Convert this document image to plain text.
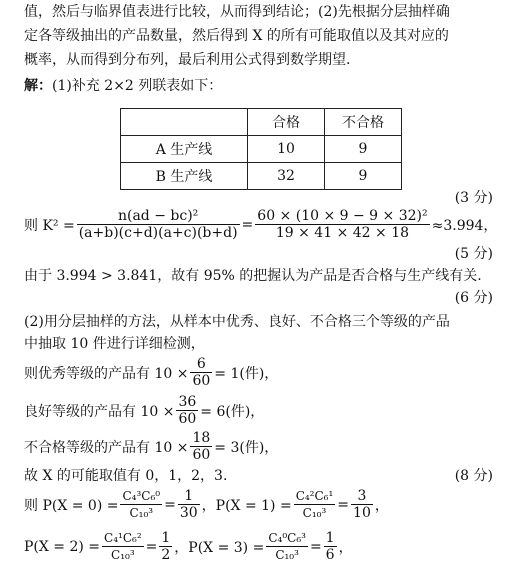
值，然后与临界值表进行比较，从而得到结论；(2)先根据分层抽样确
定各等级抽出的产品数量，然后得到 X 的所有可能取值以及其对应的
概率，从而得到分布列，最后利用公式得到数学期望.
解：(1)补充 2×2 列联表如下：
	合格	不合格
A 生产线	10	9
B 生产线	32	9
(3 分)
则 $K^2 = \frac{\text{n(ad − bc)²}}{(a+b)(c+d)(a+c)(b+d)} = \frac{\text{60 × (10 × 9 − 9 × 32)²}}{19 \times 41 \times 42 \times 18} \approx 3.994$，
(5 分)
由于 3.994 > 3.841，故有 95% 的把握认为产品是否合格与生产线有关.
(6 分)
(2)用分层抽样的方法，从样本中优秀、良好、不合格三个等级的产品
中抽取 10 件进行详细检测，
则优秀等级的产品有 $10 \times \frac{6}{60} = 1$(件)，
良好等级的产品有 $10 \times \frac{36}{60} = 6$(件)，
不合格等级的产品有 $10 \times \frac{18}{60} = 3$(件)，
故 X 的可能取值有 0，1，2，3.	(8 分)
则 $P(X = 0) = \frac{\text{C₄³C₆⁰}}{\text{C₁₀³}} = \frac{1}{30}$ ，$P(X = 1) = \frac{\text{C₄²C₆¹}}{\text{C₁₀³}} = \frac{3}{10}$ ，
$P(X = 2) = \frac{\text{C₄¹C₆²}}{\text{C₁₀³}} = \frac{1}{2}$ ，$P(X = 3) = \frac{\text{C₄⁰C₆³}}{\text{C₁₀³}} = \frac{1}{6}$ ，
